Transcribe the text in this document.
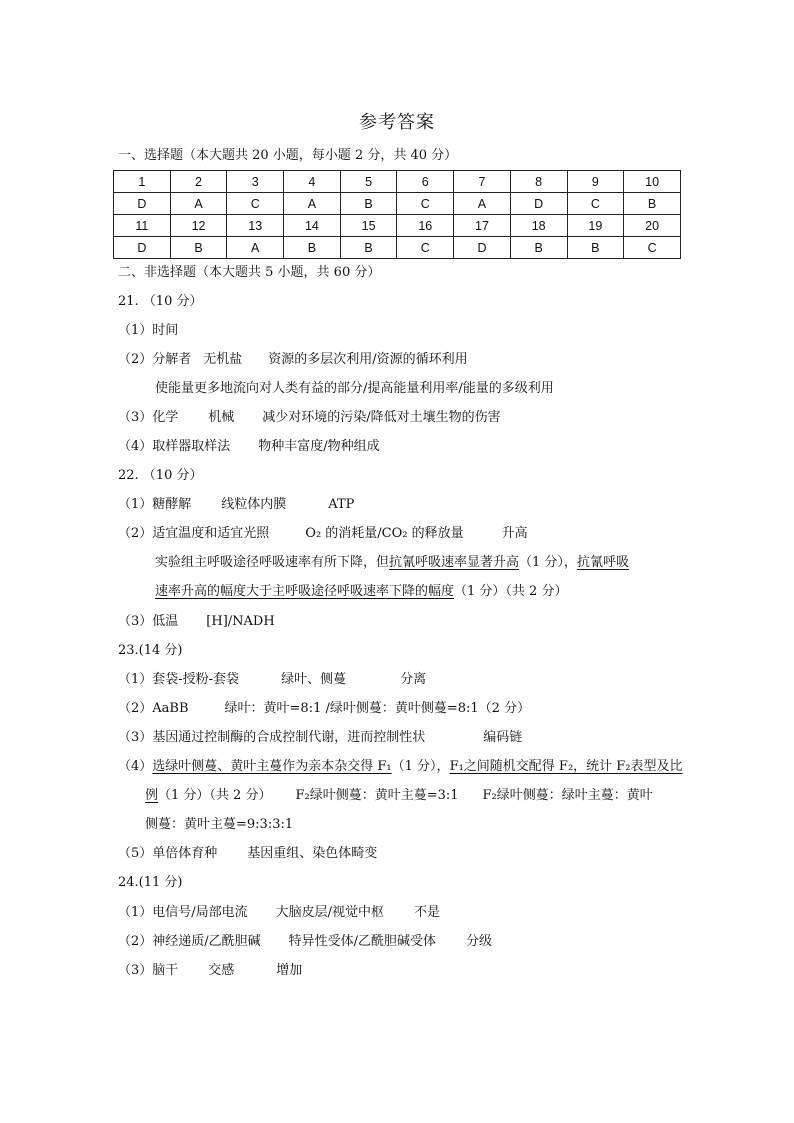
参考答案
一、选择题（本大题共 20 小题，每小题 2 分，共 40 分）
1	2	3	4	5	6	7	8	9	10
D	A	C	A	B	C	A	D	C	B
11	12	13	14	15	16	17	18	19	20
D	B	A	B	B	C	D	B	B	C
二、非选择题（本大题共 5 小题，共 60 分）
21. （10 分）
（1）时间
（2）分解者 无机盐 资源的多层次利用/资源的循环利用
使能量更多地流向对人类有益的部分/提高能量利用率/能量的多级利用
（3）化学 机械 减少对环境的污染/降低对土壤生物的伤害
（4）取样器取样法 物种丰富度/物种组成
22. （10 分）
（1）糖酵解 线粒体内膜	ATP
（2）适宜温度和适宜光照	O₂ 的消耗量/CO₂ 的释放量	升高
实验组主呼吸途径呼吸速率有所下降，但抗氰呼吸速率显著升高（1 分），抗氰呼吸
速率升高的幅度大于主呼吸途径呼吸速率下降的幅度（1 分）（共 2 分）
（3）低温 [H]/NADH
23.(14 分)
（1）套袋-授粉-套袋	绿叶、侧蔓	分离
（2）AaBB	绿叶：黄叶=8:1 /绿叶侧蔓：黄叶侧蔓=8:1（2 分）
（3）基因通过控制酶的合成控制代谢，进而控制性状	编码链
（4）选绿叶侧蔓、黄叶主蔓作为亲本杂交得 F₁（1 分），F₁之间随机交配得 F₂，统计 F₂表型及比
例（1 分）（共 2 分） F₂绿叶侧蔓：黄叶主蔓=3:1 F₂绿叶侧蔓：绿叶主蔓：黄叶
侧蔓：黄叶主蔓=9:3:3:1
（5）单倍体育种 基因重组、染色体畸变
24.(11 分)
（1）电信号/局部电流 大脑皮层/视觉中枢 不是
（2）神经递质/乙酰胆碱 特异性受体/乙酰胆碱受体 分级
（3）脑干 交感	增加
